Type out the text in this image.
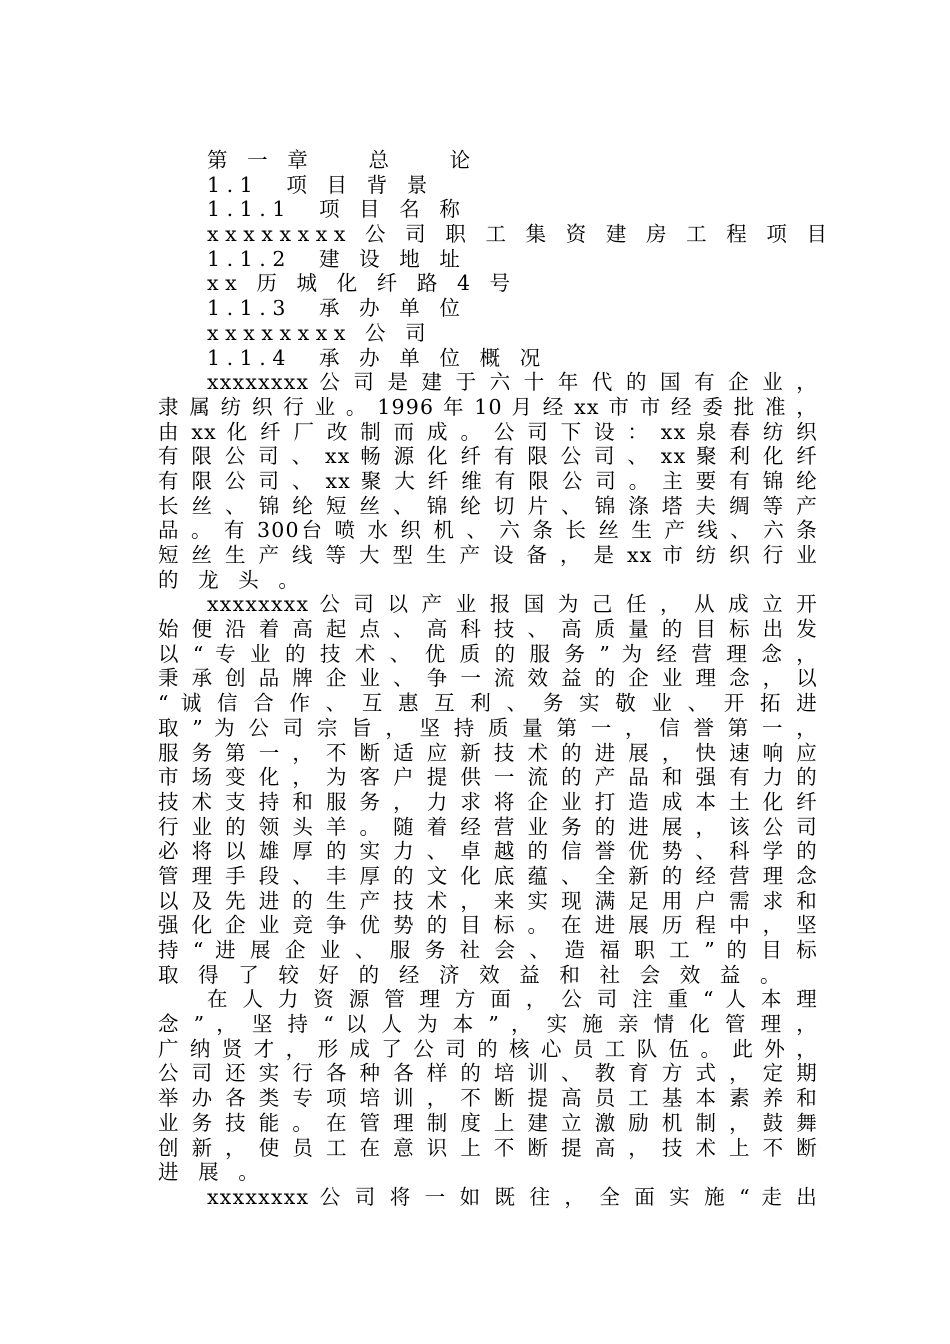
第 一 章　　总　　论
1.1　项 目 背 景
1.1.1　项 目 名 称
xxxxxxxx 公 司 职 工 集 资 建 房 工 程 项 目
1.1.2　建 设 地 址
xx 历 城 化 纤 路 4 号
1.1.3　承 办 单 位
xxxxxxxx 公 司
1.1.4　承 办 单 位 概 况
xxxxxxxx 公 司 是 建 于 六 十 年 代 的 国 有 企 业 ，
隶 属 纺 织 行 业 。 1996 年 10 月 经 xx 市 市 经 委 批 准 ，
由 xx 化 纤 厂 改 制 而 成 。 公 司 下 设 ： xx 泉 春 纺 织
有 限 公 司 、 xx 畅 源 化 纤 有 限 公 司 、 xx 聚 利 化 纤
有 限 公 司 、 xx 聚 大 纤 维 有 限 公 司 。 主 要 有 锦 纶
长 丝 、 锦 纶 短 丝 、 锦 纶 切 片 、 锦 涤 塔 夫 绸 等 产
品 。 有 300台 喷 水 织 机 、 六 条 长 丝 生 产 线 、 六 条
短 丝 生 产 线 等 大 型 生 产 设 备 ， 是 xx 市 纺 织 行 业
的 龙 头 。
xxxxxxxx 公 司 以 产 业 报 国 为 己 任 ， 从 成 立 开
始 便 沿 着 高 起 点 、 高 科 技 、 高 质 量 的 目 标 出 发
以 “ 专 业 的 技 术 、 优 质 的 服 务 ” 为 经 营 理 念 ，
秉 承 创 品 牌 企 业 、 争 一 流 效 益 的 企 业 理 念 ， 以
“ 诚 信 合 作 、 互 惠 互 利 、 务 实 敬 业 、 开 拓 进
取 ” 为 公 司 宗 旨 ， 坚 持 质 量 第 一 ， 信 誉 第 一 ，
服 务 第 一 ， 不 断 适 应 新 技 术 的 进 展 ， 快 速 响 应
市 场 变 化 ， 为 客 户 提 供 一 流 的 产 品 和 强 有 力 的
技 术 支 持 和 服 务 ， 力 求 将 企 业 打 造 成 本 土 化 纤
行 业 的 领 头 羊 。 随 着 经 营 业 务 的 进 展 ， 该 公 司
必 将 以 雄 厚 的 实 力 、 卓 越 的 信 誉 优 势 、 科 学 的
管 理 手 段 、 丰 厚 的 文 化 底 蕴 、 全 新 的 经 营 理 念
以 及 先 进 的 生 产 技 术 ， 来 实 现 满 足 用 户 需 求 和
强 化 企 业 竞 争 优 势 的 目 标 。 在 进 展 历 程 中 ， 坚
持 “ 进 展 企 业 、 服 务 社 会 、 造 福 职 工 ” 的 目 标
取 得 了 较 好 的 经 济 效 益 和 社 会 效 益 。
在 人 力 资 源 管 理 方 面 ， 公 司 注 重 “ 人 本 理
念 ” ， 坚 持 “ 以 人 为 本 ” ， 实 施 亲 情 化 管 理 ，
广 纳 贤 才 ， 形 成 了 公 司 的 核 心 员 工 队 伍 。 此 外 ，
公 司 还 实 行 各 种 各 样 的 培 训 、 教 育 方 式 ， 定 期
举 办 各 类 专 项 培 训 ， 不 断 提 高 员 工 基 本 素 养 和
业 务 技 能 。 在 管 理 制 度 上 建 立 激 励 机 制 ， 鼓 舞
创 新 ， 使 员 工 在 意 识 上 不 断 提 高 ， 技 术 上 不 断
进 展 。
xxxxxxxx 公 司 将 一 如 既 往 ， 全 面 实 施 “ 走 出
